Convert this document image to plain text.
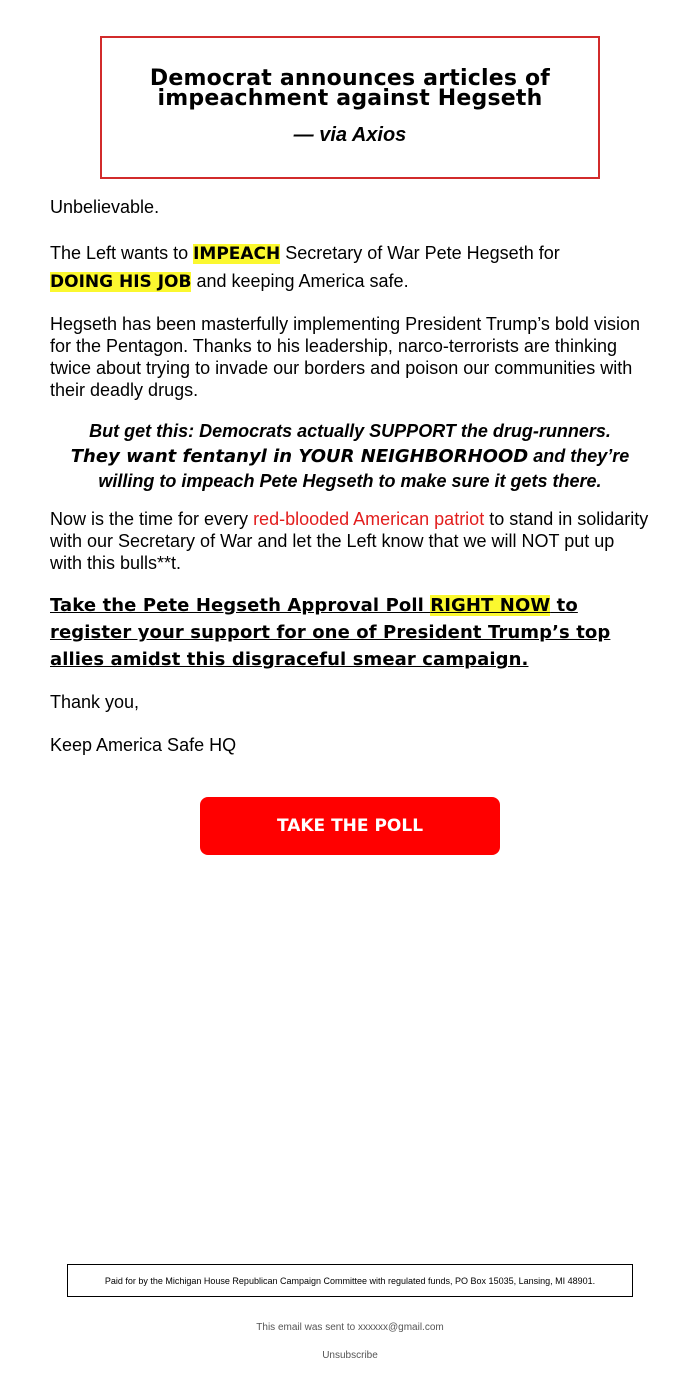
Democrat announces articles of impeachment against Hegseth
— via Axios

Unbelievable.

The Left wants to IMPEACH Secretary of War Pete Hegseth for
DOING HIS JOB and keeping America safe.

Hegseth has been masterfully implementing President Trump’s bold vision for the Pentagon. Thanks to his leadership, narco-terrorists are thinking twice about trying to invade our borders and poison our communities with their deadly drugs.

But get this: Democrats actually SUPPORT the drug-runners.
They want fentanyl in YOUR NEIGHBORHOOD and they’re willing to impeach Pete Hegseth to make sure it gets there.

Now is the time for every red-blooded American patriot to stand in solidarity with our Secretary of War and let the Left know that we will NOT put up with this bulls**t.

Take the Pete Hegseth Approval Poll RIGHT NOW to register your support for one of President Trump’s top allies amidst this disgraceful smear campaign.

Thank you,

Keep America Safe HQ

TAKE THE POLL
Paid for by the Michigan House Republican Campaign Committee with regulated funds, PO Box 15035, Lansing, MI 48901.
This email was sent to xxxxxx@gmail.com
Unsubscribe
